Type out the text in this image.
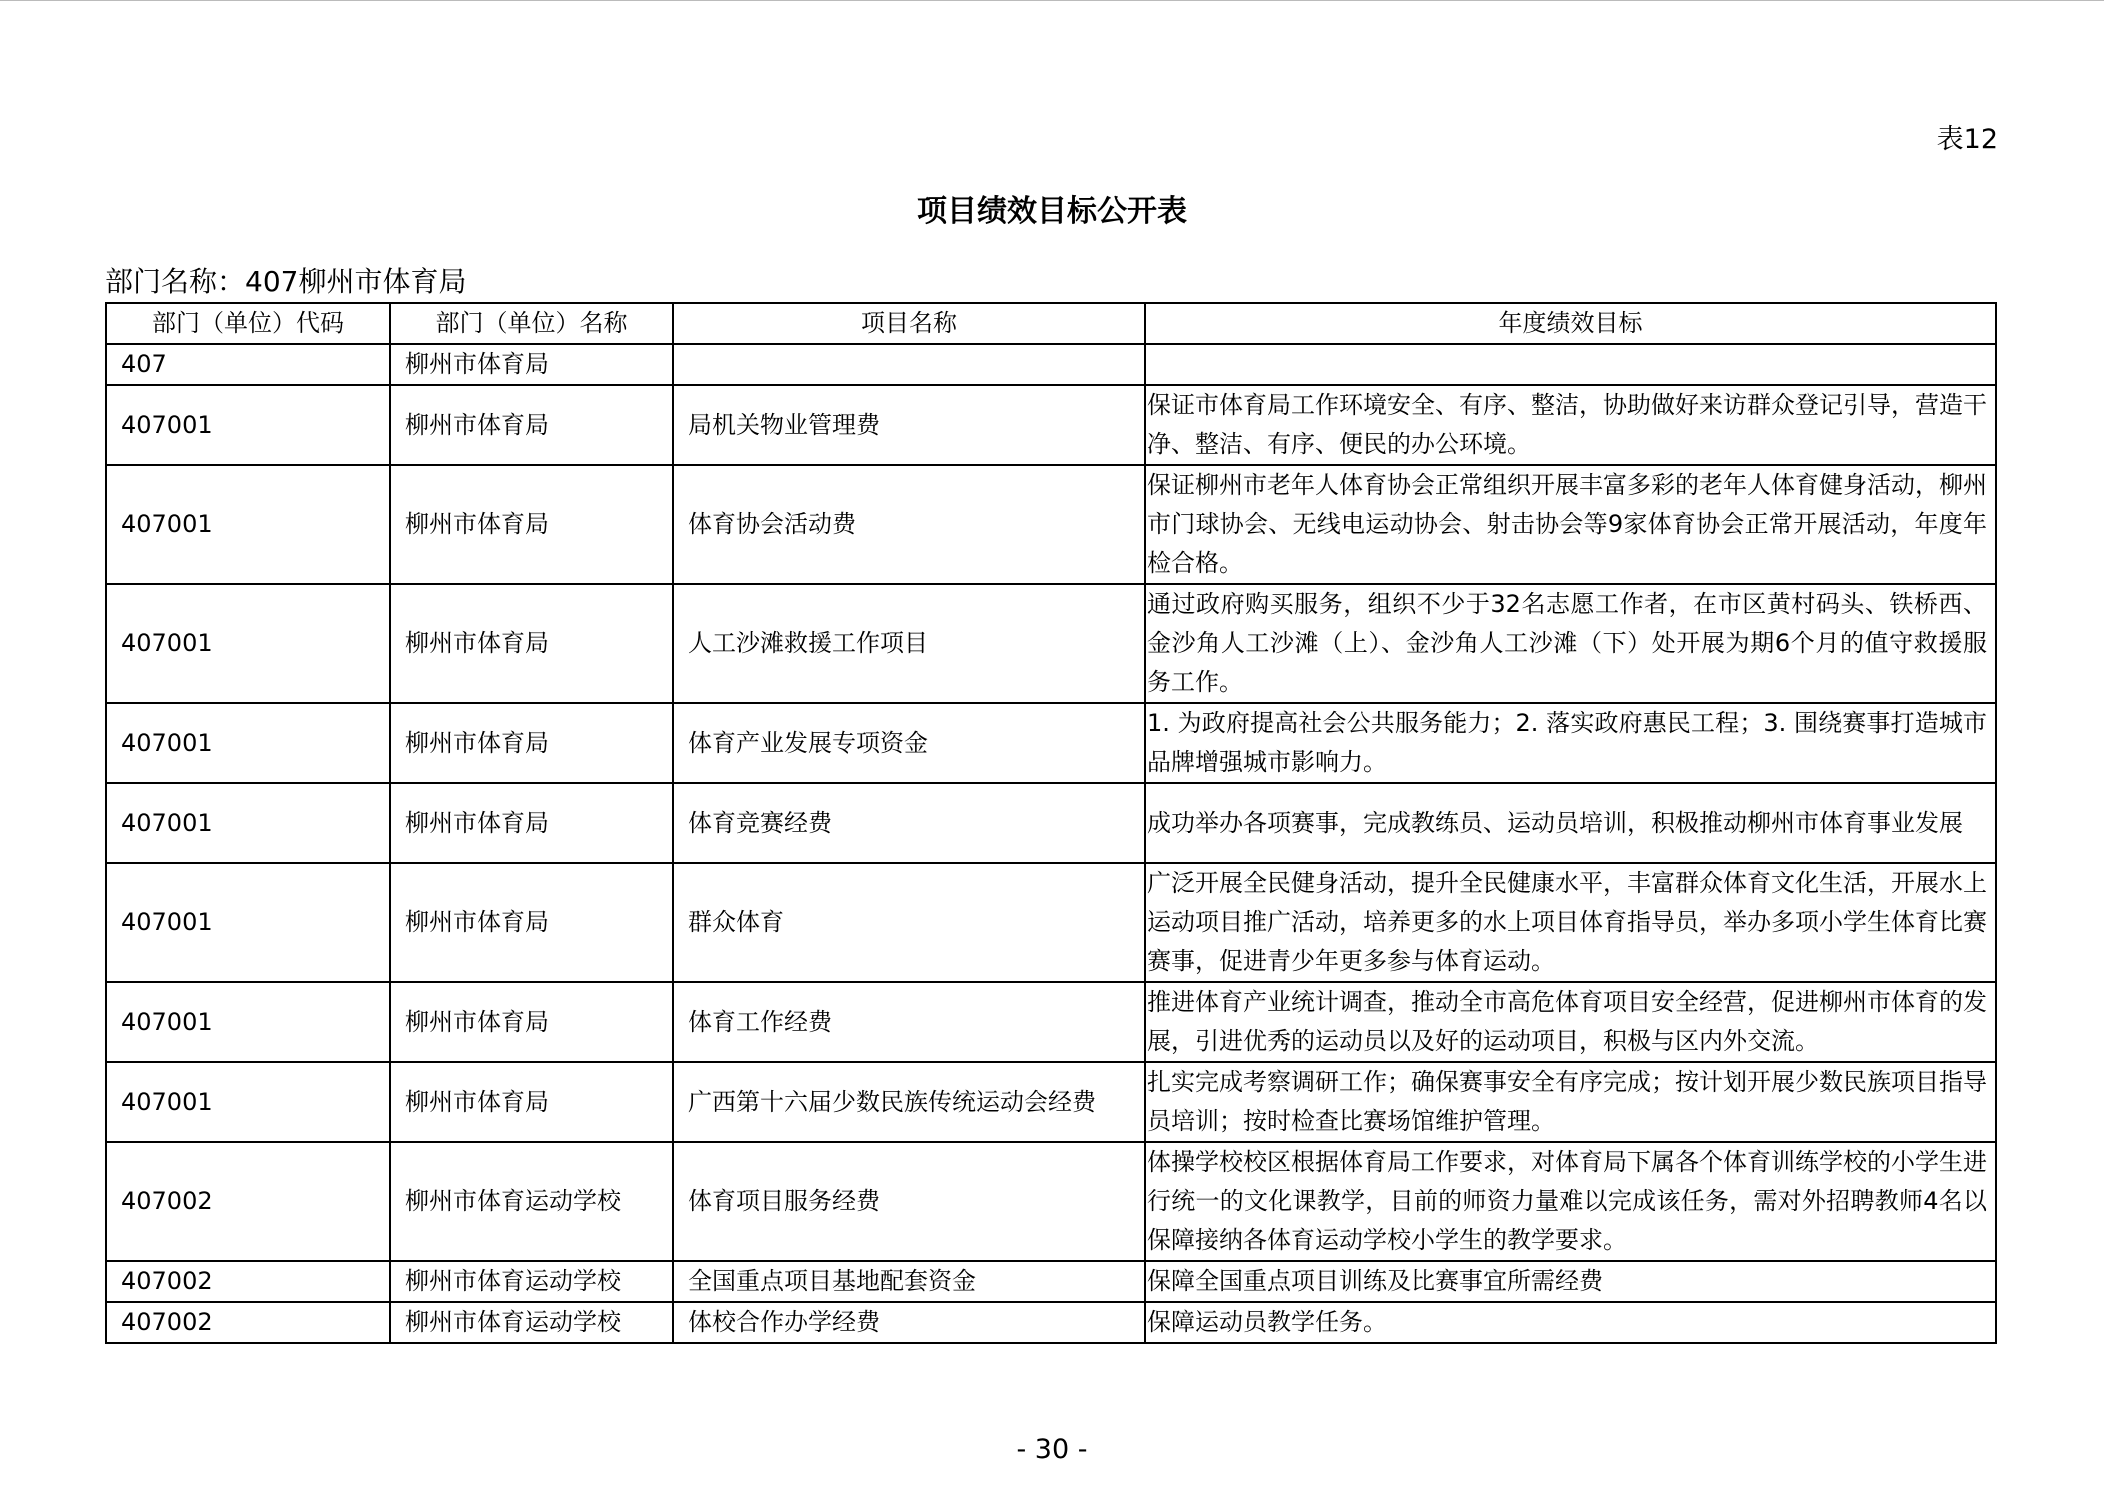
表12
项目绩效目标公开表
部门名称：407柳州市体育局
部门（单位）代码	部门（单位）名称	项目名称	年度绩效目标
407	柳州市体育局		
407001	柳州市体育局	局机关物业管理费	保证市体育局工作环境安全、有序、整洁，协助做好来访群众登记引导，营造干净、整洁、有序、便民的办公环境。
407001	柳州市体育局	体育协会活动费	保证柳州市老年人体育协会正常组织开展丰富多彩的老年人体育健身活动，柳州市门球协会、无线电运动协会、射击协会等9家体育协会正常开展活动，年度年检合格。
407001	柳州市体育局	人工沙滩救援工作项目	通过政府购买服务，组织不少于32名志愿工作者，在市区黄村码头、铁桥西、金沙角人工沙滩（上）、金沙角人工沙滩（下）处开展为期6个月的值守救援服务工作。
407001	柳州市体育局	体育产业发展专项资金	1. 为政府提高社会公共服务能力；2. 落实政府惠民工程；3. 围绕赛事打造城市品牌增强城市影响力。
407001	柳州市体育局	体育竞赛经费	成功举办各项赛事，完成教练员、运动员培训，积极推动柳州市体育事业发展
407001	柳州市体育局	群众体育	广泛开展全民健身活动，提升全民健康水平，丰富群众体育文化生活，开展水上运动项目推广活动，培养更多的水上项目体育指导员，举办多项小学生体育比赛赛事，促进青少年更多参与体育运动。
407001	柳州市体育局	体育工作经费	推进体育产业统计调查，推动全市高危体育项目安全经营，促进柳州市体育的发展，引进优秀的运动员以及好的运动项目，积极与区内外交流。
407001	柳州市体育局	广西第十六届少数民族传统运动会经费	扎实完成考察调研工作；确保赛事安全有序完成；按计划开展少数民族项目指导员培训；按时检查比赛场馆维护管理。
407002	柳州市体育运动学校	体育项目服务经费	体操学校校区根据体育局工作要求，对体育局下属各个体育训练学校的小学生进行统一的文化课教学，目前的师资力量难以完成该任务，需对外招聘教师4名以保障接纳各体育运动学校小学生的教学要求。
407002	柳州市体育运动学校	全国重点项目基地配套资金	保障全国重点项目训练及比赛事宜所需经费
407002	柳州市体育运动学校	体校合作办学经费	保障运动员教学任务。
- 30 -
